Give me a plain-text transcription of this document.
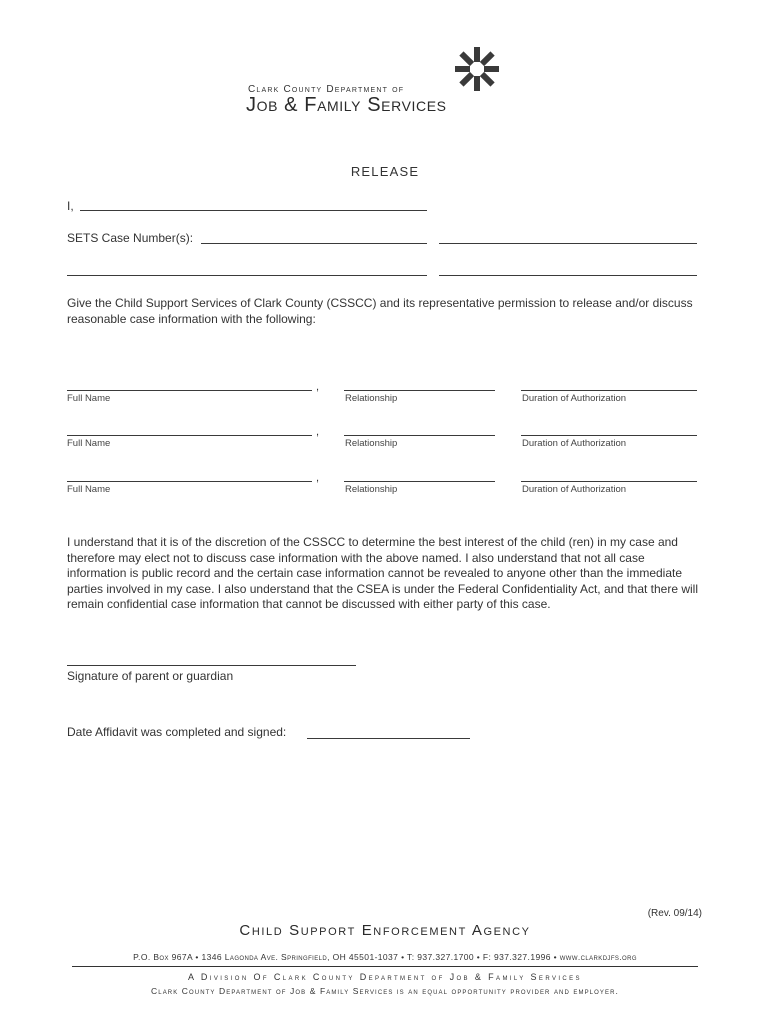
Clark County Department of
Job & Family Services
RELEASE
I,
SETS Case Number(s):
Give the Child Support Services of Clark County (CSSCC) and its representative permission to release and/or discuss reasonable case information with the following:
,
Full Name	Relationship	Duration of Authorization
,
Full Name	Relationship	Duration of Authorization
,
Full Name	Relationship	Duration of Authorization
I understand that it is of the discretion of the CSSCC to determine the best interest of the child (ren) in my case and therefore may elect not to discuss case information with the above named. I also understand that not all case information is public record and the certain case information cannot be revealed to anyone other than the immediate parties involved in my case. I also understand that the CSEA is under the Federal Confidentiality Act, and that there will remain confidential case information that cannot be discussed with either party of this case.
Signature of parent or guardian
Date Affidavit was completed and signed:
(Rev. 09/14)
Child Support Enforcement Agency
P.O. Box 967A • 1346 Lagonda Ave. Springfield, OH 45501-1037 • T: 937.327.1700 • F: 937.327.1996 • www.clarkdjfs.org
A Division Of Clark County Department of Job & Family Services
Clark County Department of Job & Family Services is an equal opportunity provider and employer.
